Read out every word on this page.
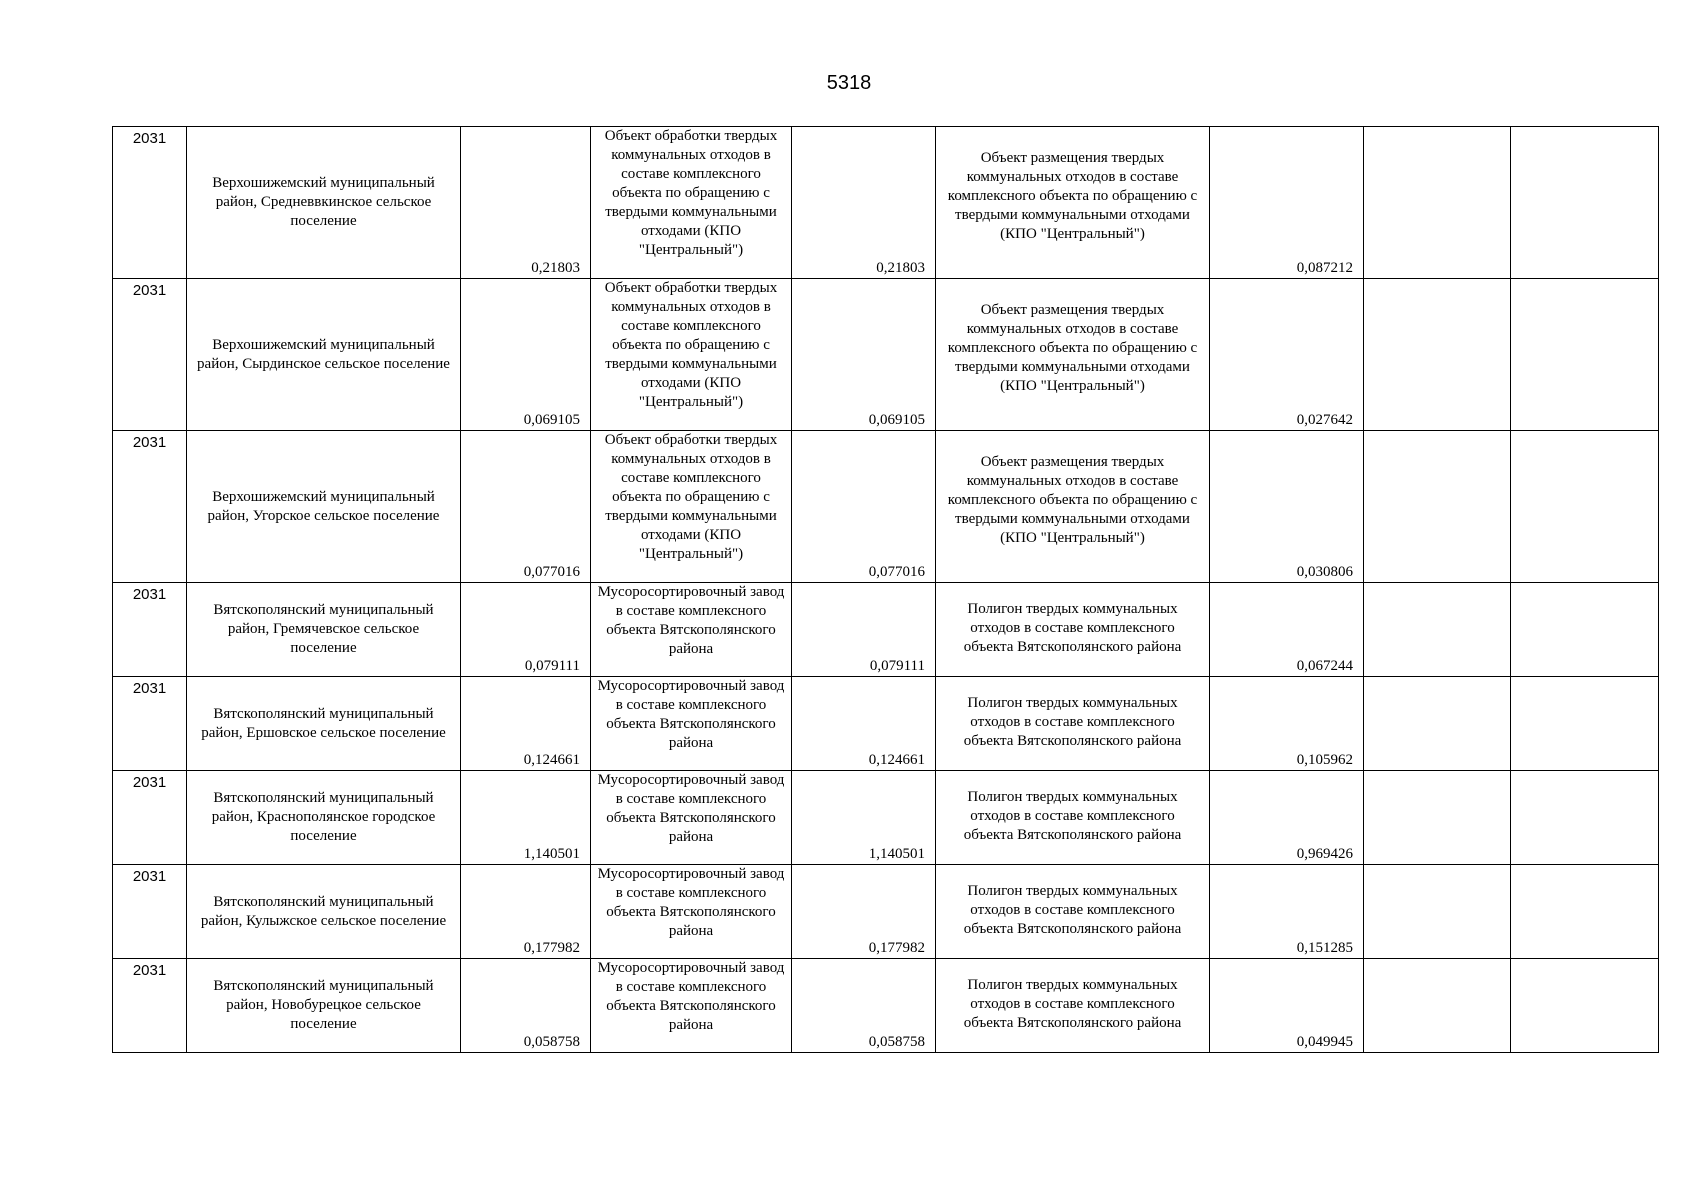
5318
2031	Верхошижемский муниципальный район, Средневвкинское сельское поселение	0,21803	Объект обработки твердых коммунальных отходов в составе комплексного объекта по обращению с твердыми коммунальными отходами (КПО "Центральный")	0,21803	Объект размещения твердых коммунальных отходов в составе комплексного объекта по обращению с твердыми коммунальными отходами (КПО "Центральный")	0,087212		

2031	Верхошижемский муниципальный район, Сырдинское сельское поселение	0,069105	Объект обработки твердых коммунальных отходов в составе комплексного объекта по обращению с твердыми коммунальными отходами (КПО "Центральный")	0,069105	Объект размещения твердых коммунальных отходов в составе комплексного объекта по обращению с твердыми коммунальными отходами (КПО "Центральный")	0,027642		

2031	Верхошижемский муниципальный район, Угорское сельское поселение	0,077016	Объект обработки твердых коммунальных отходов в составе комплексного объекта по обращению с твердыми коммунальными отходами (КПО "Центральный")	0,077016	Объект размещения твердых коммунальных отходов в составе комплексного объекта по обращению с твердыми коммунальными отходами (КПО "Центральный")	0,030806		

2031	Вятскополянский муниципальный район, Гремячевское сельское поселение	0,079111	Мусоросортировочный завод в составе комплексного объекта Вятскополянского района	0,079111	Полигон твердых коммунальных отходов в составе комплексного объекта Вятскополянского района	0,067244		

2031	Вятскополянский муниципальный район, Ершовское сельское поселение	0,124661	Мусоросортировочный завод в составе комплексного объекта Вятскополянского района	0,124661	Полигон твердых коммунальных отходов в составе комплексного объекта Вятскополянского района	0,105962		

2031	Вятскополянский муниципальный район, Краснополянское городское поселение	1,140501	Мусоросортировочный завод в составе комплексного объекта Вятскополянского района	1,140501	Полигон твердых коммунальных отходов в составе комплексного объекта Вятскополянского района	0,969426		

2031	Вятскополянский муниципальный район, Кулыжское сельское поселение	0,177982	Мусоросортировочный завод в составе комплексного объекта Вятскополянского района	0,177982	Полигон твердых коммунальных отходов в составе комплексного объекта Вятскополянского района	0,151285		

2031	Вятскополянский муниципальный район, Новобурецкое сельское поселение	0,058758	Мусоросортировочный завод в составе комплексного объекта Вятскополянского района	0,058758	Полигон твердых коммунальных отходов в составе комплексного объекта Вятскополянского района	0,049945		
